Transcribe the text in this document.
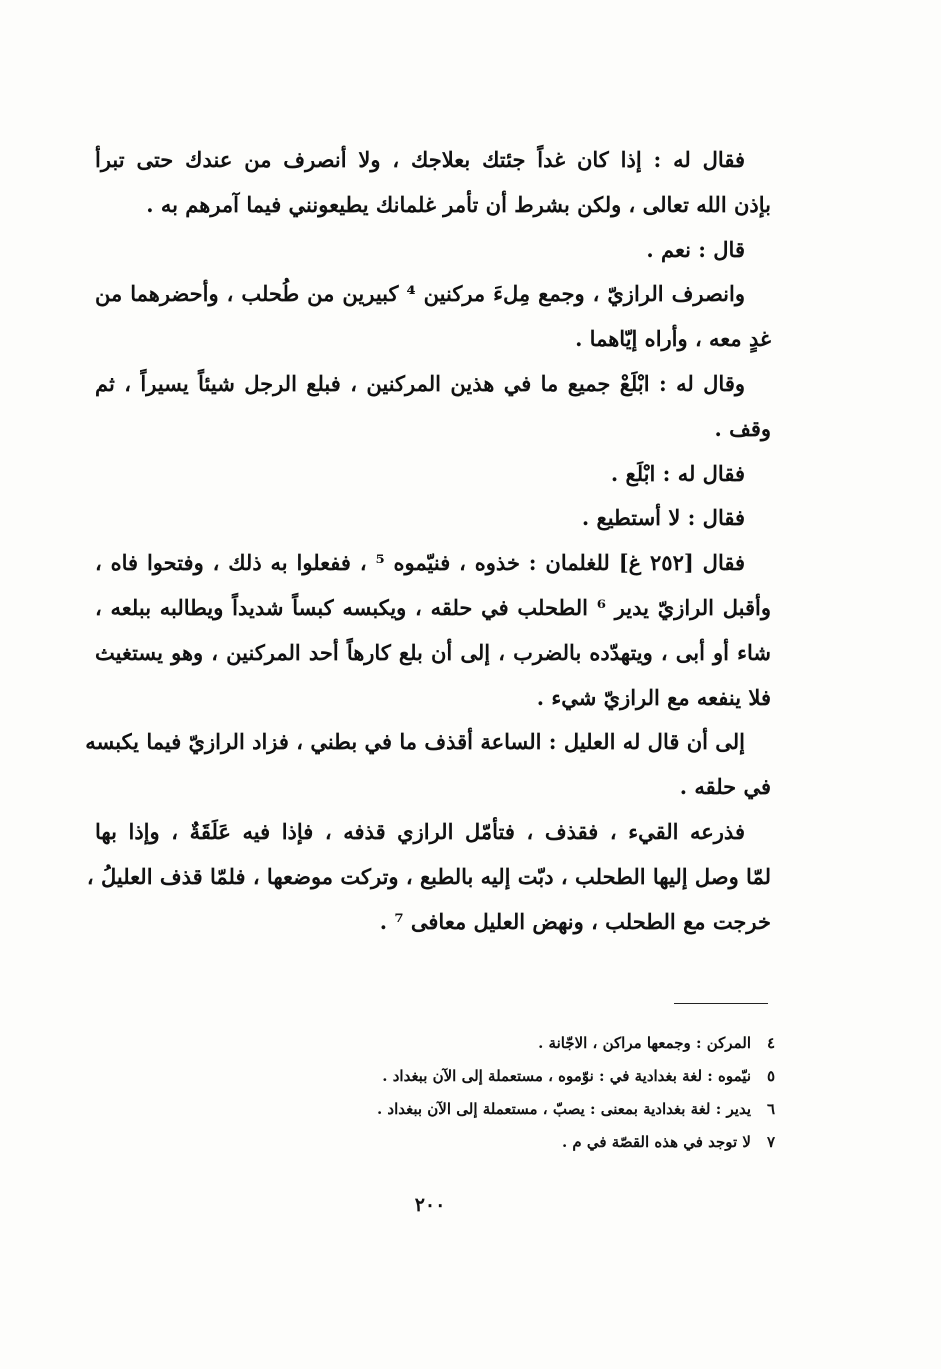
فقال له : إذا كان غداً جئتك بعلاجك ، ولا أنصرف من عندك حتى تبرأ
بإذن الله تعالى ، ولكن بشرط أن تأمر غلمانك يطيعونني فيما آمرهم به .
قال : نعم .
وانصرف الرازيّ ، وجمع مِلءَ مركنين ⁴ كبيرين من طُحلب ، وأحضرهما من
غدٍ معه ، وأراه إيّاهما .
وقال له : ابْلَعْ جميع ما في هذين المركنين ، فبلع الرجل شيئاً يسيراً ، ثم
وقف .
فقال له : ابْلَع .
فقال : لا أستطيع .
فقال [٢٥٢ غ] للغلمان : خذوه ، فنيّموه ⁵ ، ففعلوا به ذلك ، وفتحوا فاه ،
وأقبل الرازيّ يدير ⁶ الطحلب في حلقه ، ويكبسه كبساً شديداً ويطالبه ببلعه ،
شاء أو أبى ، ويتهدّده بالضرب ، إلى أن بلع كارهاً أحد المركنين ، وهو يستغيث
فلا ينفعه مع الرازيّ شيء .
إلى أن قال له العليل : الساعة أقذف ما في بطني ، فزاد الرازيّ فيما يكبسه
في حلقه .
فذرعه القيء ، فقذف ، فتأمّل الرازي قذفه ، فإذا فيه عَلَقَةٌ ، وإذا بها
لمّا وصل إليها الطحلب ، دبّت إليه بالطبع ، وتركت موضعها ، فلمّا قذف العليلُ ،
خرجت مع الطحلب ، ونهض العليل معافى ⁷ .
٤
المركن : وجمعها مراكن ، الاجّانة .
٥
نيّموه : لغة بغدادية في : نوّموه ، مستعملة إلى الآن ببغداد .
٦
يدير : لغة بغدادية بمعنى : يصبّ ، مستعملة إلى الآن ببغداد .
٧
لا توجد في هذه القصّة في م .
٢٠٠
